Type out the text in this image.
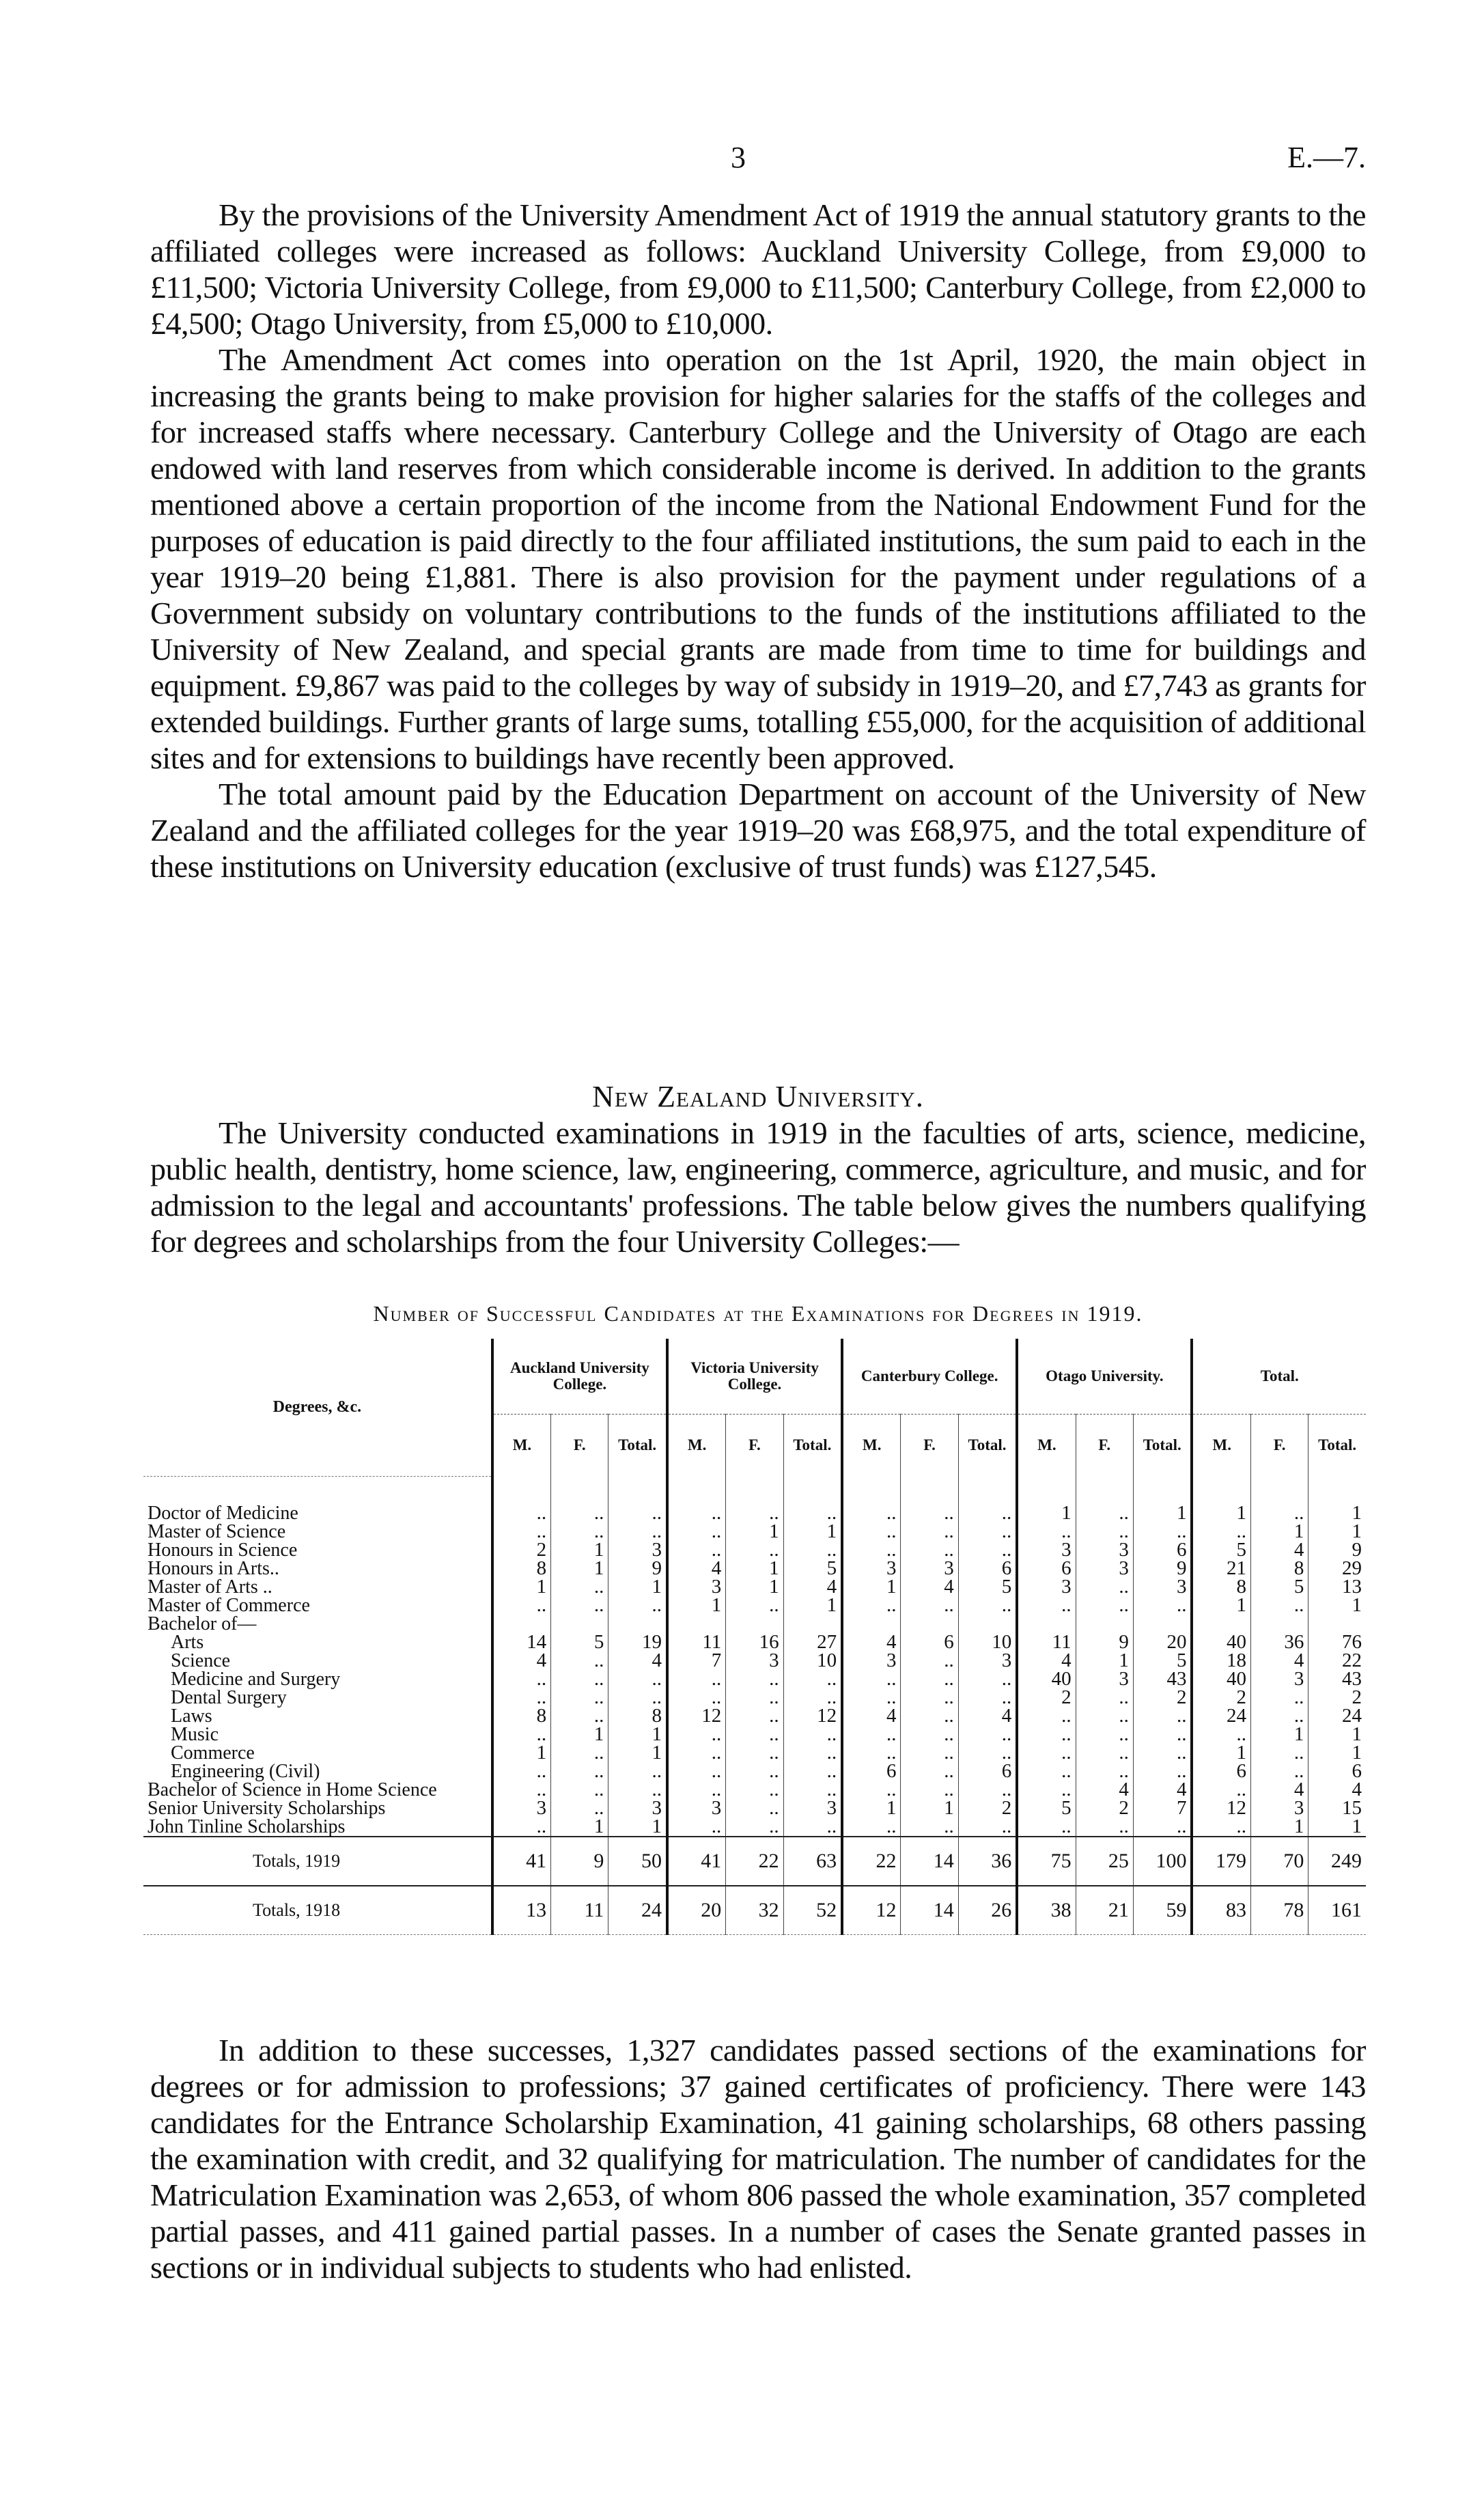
3	E.—7.

By the provisions of the University Amendment Act of 1919 the annual statutory grants to the affiliated colleges were increased as follows: Auckland University College, from £9,000 to £11,500; Victoria University College, from £9,000 to £11,500; Canterbury College, from £2,000 to £4,500; Otago University, from £5,000 to £10,000.

The Amendment Act comes into operation on the 1st April, 1920, the main object in increasing the grants being to make provision for higher salaries for the staffs of the colleges and for increased staffs where necessary. Canterbury College and the University of Otago are each endowed with land reserves from which considerable income is derived. In addition to the grants mentioned above a certain proportion of the income from the National Endowment Fund for the purposes of education is paid directly to the four affiliated institutions, the sum paid to each in the year 1919–20 being £1,881. There is also provision for the payment under regulations of a Government subsidy on voluntary contributions to the funds of the institutions affiliated to the University of New Zealand, and special grants are made from time to time for buildings and equipment. £9,867 was paid to the colleges by way of subsidy in 1919–20, and £7,743 as grants for extended buildings. Further grants of large sums, totalling £55,000, for the acquisition of additional sites and for extensions to buildings have recently been approved.

The total amount paid by the Education Department on account of the University of New Zealand and the affiliated colleges for the year 1919–20 was £68,975, and the total expenditure of these institutions on University education (exclusive of trust funds) was £127,545.

New Zealand University.

The University conducted examinations in 1919 in the faculties of arts, science, medicine, public health, dentistry, home science, law, engineering, commerce, agriculture, and music, and for admission to the legal and accountants' professions. The table below gives the numbers qualifying for degrees and scholarships from the four University Colleges:—

Number of Successful Candidates at the Examinations for Degrees in 1919.
Degrees, &c.	Auckland University College.			Victoria University College.			Canterbury College.			Otago University.			Total.		
	M.	F.	Total.	M.	F.	Total.	M.	F.	Total.	M.	F.	Total.	M.	F.	Total.

Doctor of Medicine	..	..	..	..	..	..	..	..	..	1	..	1	1	..	1
Master of Science	..	..	..	..	1	1	..	..	..	..	..	..	..	1	1
Honours in Science	2	1	3	..	..	..	..	..	..	3	3	6	5	4	9
Honours in Arts..	8	1	9	4	1	5	3	3	6	6	3	9	21	8	29
Master of Arts ..	1	..	1	3	1	4	1	4	5	3	..	3	8	5	13
Master of Commerce	..	..	..	1	..	1	..	..	..	..	..	..	1	..	1
Bachelor of—															
Arts	14	5	19	11	16	27	4	6	10	11	9	20	40	36	76
Science	4	..	4	7	3	10	3	..	3	4	1	5	18	4	22
Medicine and Surgery	..	..	..	..	..	..	..	..	..	40	3	43	40	3	43
Dental Surgery	..	..	..	..	..	..	..	..	..	2	..	2	2	..	2
Laws	8	..	8	12	..	12	4	..	4	..	..	..	24	..	24
Music	..	1	1	..	..	..	..	..	..	..	..	..	..	1	1
Commerce	1	..	1	..	..	..	..	..	..	..	..	..	1	..	1
Engineering (Civil)	..	..	..	..	..	..	6	..	6	..	..	..	6	..	6
Bachelor of Science in Home Science	..	..	..	..	..	..	..	..	..	..	4	4	..	4	4
Senior University Scholarships	3	..	3	3	..	3	1	1	2	5	2	7	12	3	15
John Tinline Scholarships	..	1	1	..	..	..	..	..	..	..	..	..	..	1	1
Totals, 1919	41	9	50	41	22	63	22	14	36	75	25	100	179	70	249
Totals, 1918	13	11	24	20	32	52	12	14	26	38	21	59	83	78	161

In addition to these successes, 1,327 candidates passed sections of the examinations for degrees or for admission to professions; 37 gained certificates of proficiency. There were 143 candidates for the Entrance Scholarship Examination, 41 gaining scholarships, 68 others passing the examination with credit, and 32 qualifying for matriculation. The number of candidates for the Matriculation Examination was 2,653, of whom 806 passed the whole examination, 357 completed partial passes, and 411 gained partial passes. In a number of cases the Senate granted passes in sections or in individual subjects to students who had enlisted.
